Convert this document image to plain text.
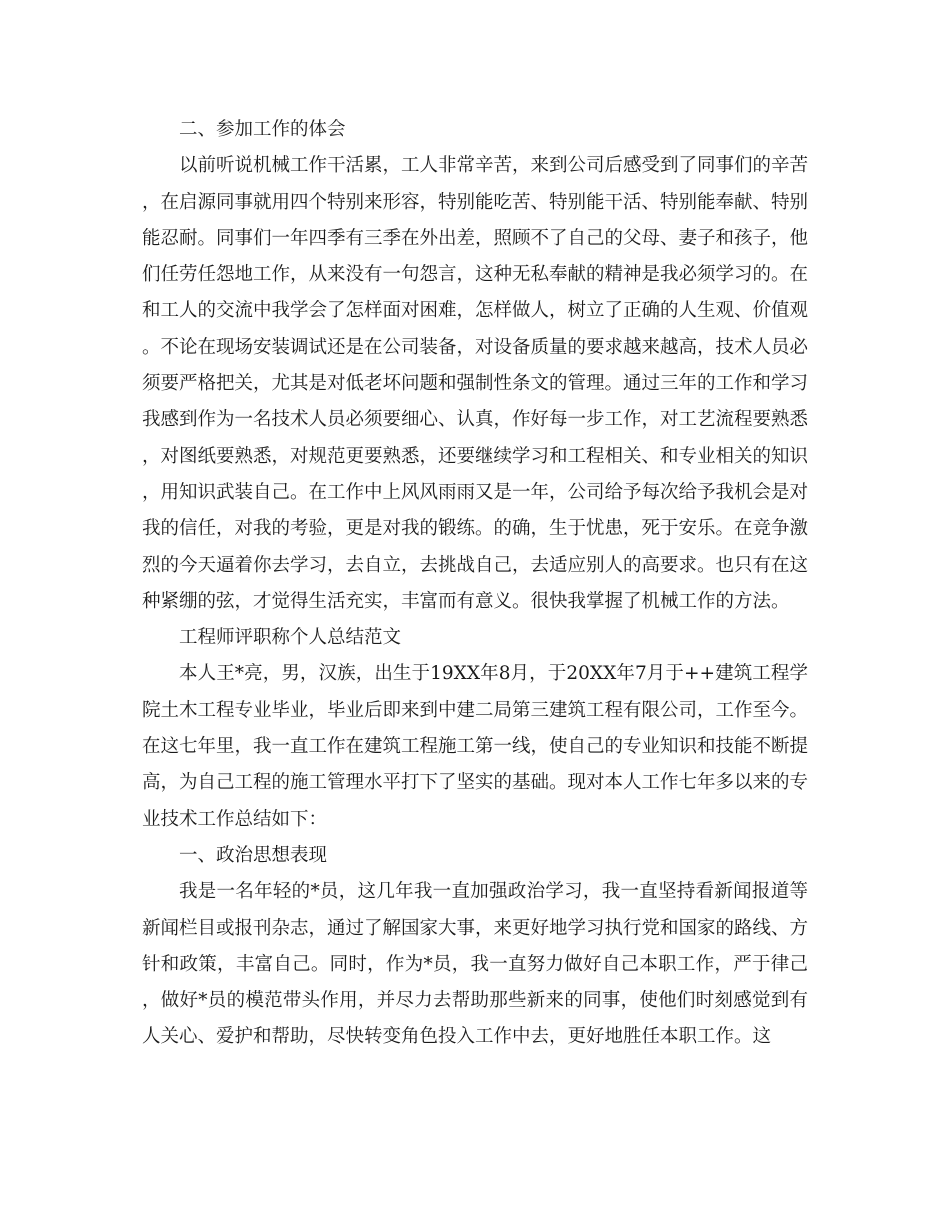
二、参加工作的体会

以前听说机械工作干活累，工人非常辛苦，来到公司后感受到了同事们的辛苦，在启源同事就用四个特别来形容，特别能吃苦、特别能干活、特别能奉献、特别能忍耐。同事们一年四季有三季在外出差，照顾不了自己的父母、妻子和孩子，他们任劳任怨地工作，从来没有一句怨言，这种无私奉献的精神是我必须学习的。在和工人的交流中我学会了怎样面对困难，怎样做人，树立了正确的人生观、价值观。不论在现场安装调试还是在公司装备，对设备质量的要求越来越高，技术人员必须要严格把关，尤其是对低老坏问题和强制性条文的管理。通过三年的工作和学习我感到作为一名技术人员必须要细心、认真，作好每一步工作，对工艺流程要熟悉，对图纸要熟悉，对规范更要熟悉，还要继续学习和工程相关、和专业相关的知识，用知识武装自己。在工作中上风风雨雨又是一年，公司给予每次给予我机会是对我的信任，对我的考验，更是对我的锻练。的确，生于忧患，死于安乐。在竞争激烈的今天逼着你去学习，去自立，去挑战自己，去适应别人的高要求。也只有在这种紧绷的弦，才觉得生活充实，丰富而有意义。很快我掌握了机械工作的方法。

工程师评职称个人总结范文

本人王*亮，男，汉族，出生于19XX年8月，于20XX年7月于++建筑工程学院土木工程专业毕业，毕业后即来到中建二局第三建筑工程有限公司，工作至今。在这七年里，我一直工作在建筑工程施工第一线，使自己的专业知识和技能不断提高，为自己工程的施工管理水平打下了坚实的基础。现对本人工作七年多以来的专业技术工作总结如下：

一、政治思想表现

我是一名年轻的*员，这几年我一直加强政治学习，我一直坚持看新闻报道等新闻栏目或报刊杂志，通过了解国家大事，来更好地学习执行党和国家的路线、方针和政策，丰富自己。同时，作为*员，我一直努力做好自己本职工作，严于律己，做好*员的模范带头作用，并尽力去帮助那些新来的同事，使他们时刻感觉到有人关心、爱护和帮助，尽快转变角色投入工作中去，更好地胜任本职工作。这
